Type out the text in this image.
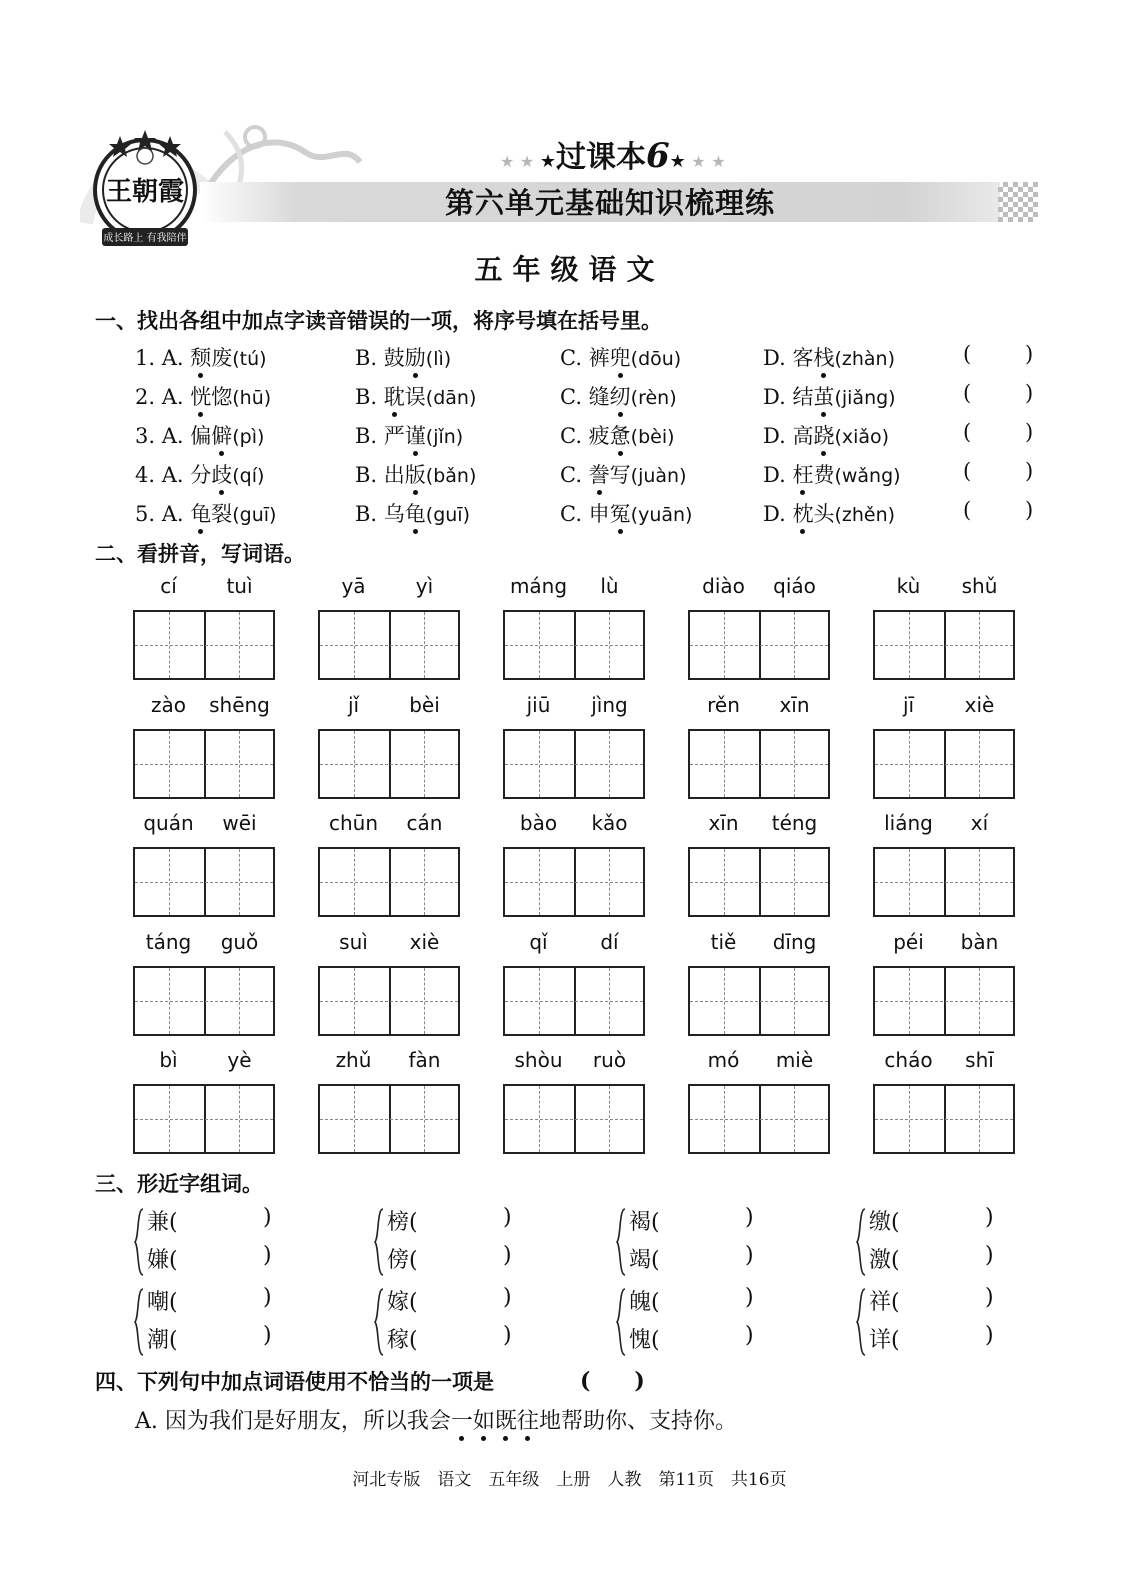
王朝霞
成长路上 有我陪伴
★ ★ ★过课本6★ ★ ★
第六单元基础知识梳理练
五年级语文
一、找出各组中加点字读音错误的一项，将序号填在括号里。
1. A. 颓废(tú)	B. 鼓励(lì)	C. 裤兜(dōu)	D. 客栈(zhàn)	(	)
2. A. 恍惚(hū)	B. 耽误(dān)	C. 缝纫(rèn)	D. 结茧(jiǎng)	(	)
3. A. 偏僻(pì)	B. 严谨(jǐn)	C. 疲惫(bèi)	D. 高跷(xiǎo)	(	)
4. A. 分歧(qí)	B. 出版(bǎn)	C. 誊写(juàn)	D. 枉费(wǎng)	(	)
5. A. 龟裂(guī)	B. 乌龟(guī)	C. 申冤(yuān)	D. 枕头(zhěn)	(	)
二、看拼音，写词语。
cí	tuì	yā	yì	máng	lù	diào	qiáo	kù	shǔ
zào	shēng	jǐ	bèi	jiū	jìng	rěn	xīn	jī	xiè
quán	wēi	chūn	cán	bào	kǎo	xīn	téng	liáng	xí
táng	guǒ	suì	xiè	qǐ	dí	tiě	dīng	péi	bàn
bì	yè	zhǔ	fàn	shòu	ruò	mó	miè	cháo	shī
三、形近字组词。
兼(	)
嫌(	)
榜(	)
傍(	)
褐(	)
竭(	)
缴(	)
激(	)
嘲(	)
潮(	)
嫁(	)
稼(	)
魄(	)
愧(	)
祥(	)
详(	)
四、下列句中加点词语使用不恰当的一项是	(　　)
A. 因为我们是好朋友，所以我会一如既往地帮助你、支持你。
河北专版　语文　五年级　上册　人教　第11页　共16页
